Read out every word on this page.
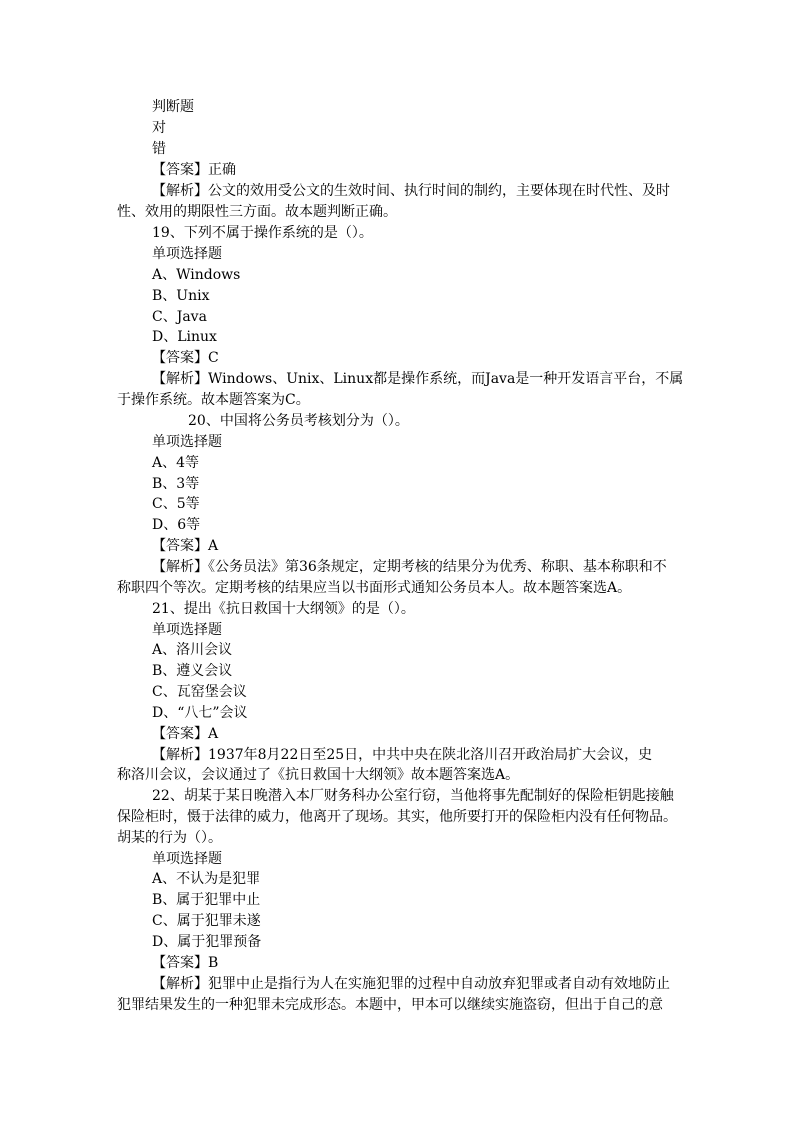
判断题
对
错
【答案】正确
【解析】公文的效用受公文的生效时间、执行时间的制约，主要体现在时代性、及时
性、效用的期限性三方面。故本题判断正确。
19、下列不属于操作系统的是（）。
单项选择题
A、Windows
B、Unix
C、Java
D、Linux
【答案】C
【解析】Windows、Unix、Linux都是操作系统，而Java是一种开发语言平台，不属
于操作系统。故本题答案为C。
20、中国将公务员考核划分为（）。
单项选择题
A、4等
B、3等
C、5等
D、6等
【答案】A
【解析】《公务员法》第36条规定，定期考核的结果分为优秀、称职、基本称职和不
称职四个等次。定期考核的结果应当以书面形式通知公务员本人。故本题答案选A。
21、提出《抗日救国十大纲领》的是（）。
单项选择题
A、洛川会议
B、遵义会议
C、瓦窑堡会议
D、“八七”会议
【答案】A
【解析】1937年8月22日至25日，中共中央在陕北洛川召开政治局扩大会议，史
称洛川会议，会议通过了《抗日救国十大纲领》故本题答案选A。
22、胡某于某日晚潜入本厂财务科办公室行窃，当他将事先配制好的保险柜钥匙接触
保险柜时，慑于法律的威力，他离开了现场。其实，他所要打开的保险柜内没有任何物品。
胡某的行为（）。
单项选择题
A、不认为是犯罪
B、属于犯罪中止
C、属于犯罪未遂
D、属于犯罪预备
【答案】B
【解析】犯罪中止是指行为人在实施犯罪的过程中自动放弃犯罪或者自动有效地防止
犯罪结果发生的一种犯罪未完成形态。本题中，甲本可以继续实施盗窃，但出于自己的意
